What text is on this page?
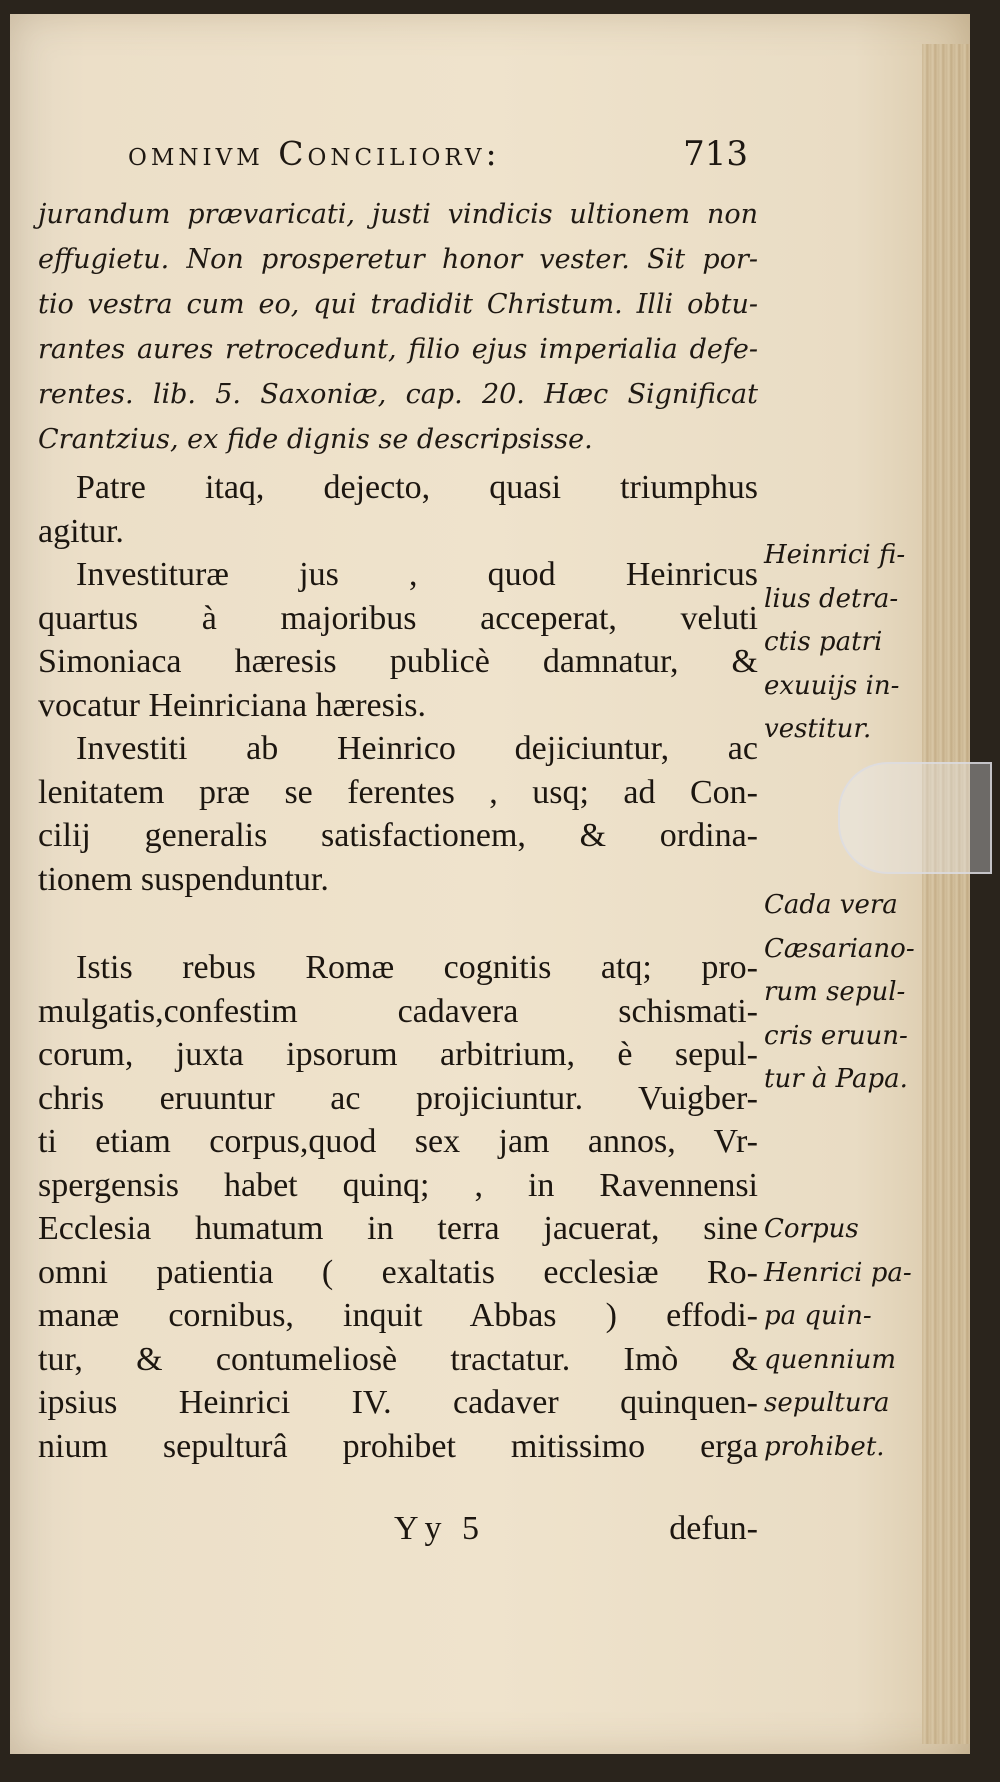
omnivm Conciliorv:	713
jurandum prævaricati, justi vindicis ultionem non
effugietu. Non prosperetur honor vester. Sit por-
tio vestra cum eo, qui tradidit Christum. Illi obtu-
rantes aures retrocedunt, filio ejus imperialia defe-
rentes. lib. 5. Saxoniæ, cap. 20. Hæc Significat
Crantzius, ex fide dignis se descripsisse.
Patre itaq, dejecto, quasi triumphus
agitur.
Investituræ jus , quod Heinricus
quartus à majoribus acceperat, veluti
Simoniaca hæresis publicè damnatur, &
vocatur Heinriciana hæresis.
Investiti ab Heinrico dejiciuntur, ac
lenitatem præ se ferentes , usq; ad Con-
cilij generalis satisfactionem, & ordina-
tionem suspenduntur.
Istis rebus Romæ cognitis atq; pro-
mulgatis,confestim cadavera schismati-
corum, juxta ipsorum arbitrium, è sepul-
chris eruuntur ac projiciuntur. Vuigber-
ti etiam corpus,quod sex jam annos, Vr-
spergensis habet quinq; , in Ravennensi
Ecclesia humatum in terra jacuerat, sine
omni patientia ( exaltatis ecclesiæ Ro-
manæ cornibus, inquit Abbas ) effodi-
tur, & contumeliosè tractatur. Imò &
ipsius Heinrici IV. cadaver quinquen-
nium sepulturâ prohibet mitissimo erga
Heinrici fi-
lius detra-
ctis patri
exuuijs in-
vestitur.
Cada vera
Cæsariano-
rum sepul-
cris eruun-
tur à Papa.
Corpus
Henrici pa-
pa quin-
quennium
sepultura
prohibet.
Yy 5	defun-
